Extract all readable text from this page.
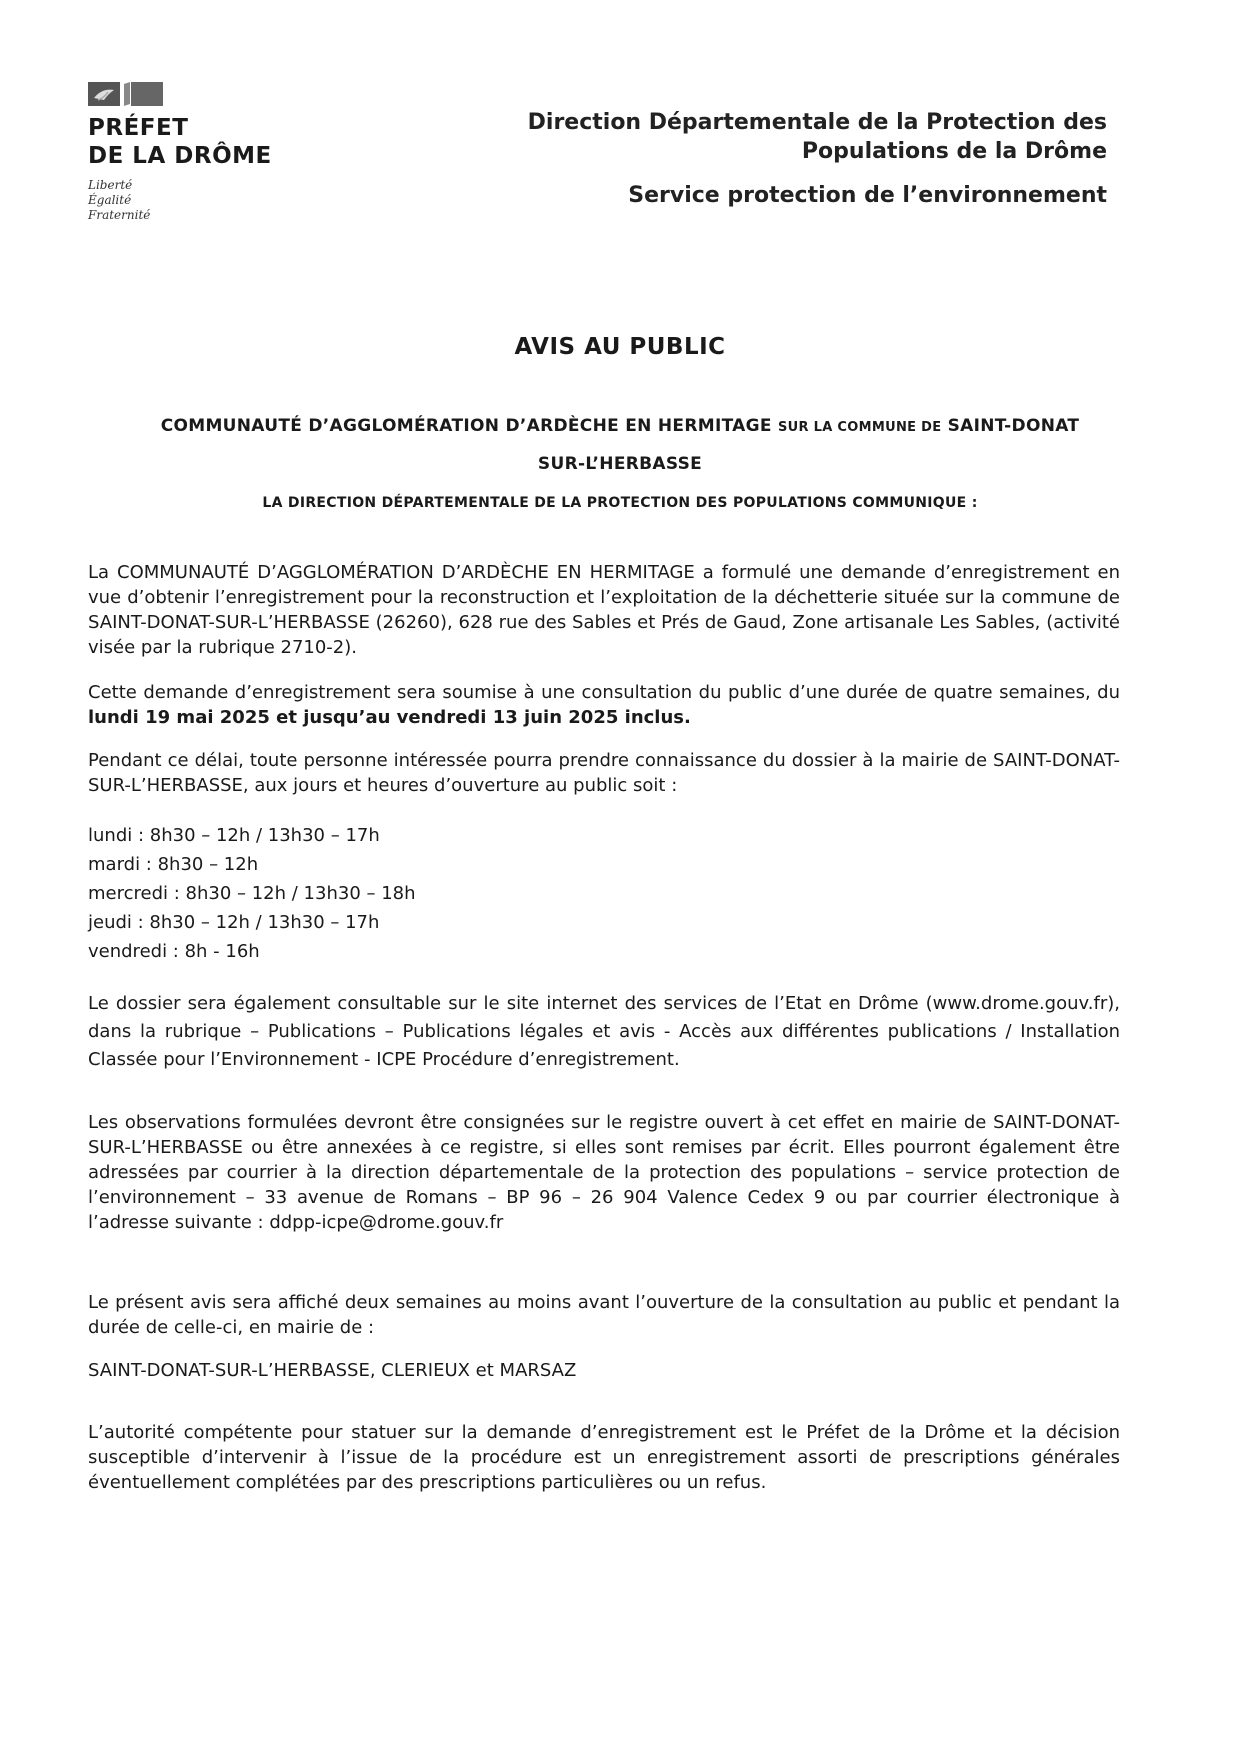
PRÉFET
DE LA DRÔME
Liberté
Égalité
Fraternité
Direction Départementale de la Protection des
Populations de la Drôme
Service protection de l’environnement
AVIS AU PUBLIC
COMMUNAUTÉ D’AGGLOMÉRATION D’ARDÈCHE EN HERMITAGE SUR LA COMMUNE DE SAINT-DONAT
SUR-L’HERBASSE
LA DIRECTION DÉPARTEMENTALE DE LA PROTECTION DES POPULATIONS COMMUNIQUE :
La COMMUNAUTÉ D’AGGLOMÉRATION D’ARDÈCHE EN HERMITAGE a formulé une demande d’enregistrement en vue d’obtenir l’enregistrement pour la reconstruction et l’exploitation de la déchetterie située sur la commune de SAINT-DONAT-SUR-L’HERBASSE (26260), 628 rue des Sables et Prés de Gaud, Zone artisanale Les Sables, (activité visée par la rubrique 2710-2).
Cette demande d’enregistrement sera soumise à une consultation du public d’une durée de quatre semaines, du lundi 19 mai 2025 et jusqu’au vendredi 13 juin 2025 inclus.
Pendant ce délai, toute personne intéressée pourra prendre connaissance du dossier à la mairie de SAINT-DONAT-SUR-L’HERBASSE, aux jours et heures d’ouverture au public soit :
lundi : 8h30 – 12h / 13h30 – 17h
mardi : 8h30 – 12h
mercredi : 8h30 – 12h / 13h30 – 18h
jeudi : 8h30 – 12h / 13h30 – 17h
vendredi : 8h - 16h
Le dossier sera également consultable sur le site internet des services de l’Etat en Drôme (www.drome.gouv.fr), dans la rubrique – Publications – Publications légales et avis - Accès aux différentes publications / Installation Classée pour l’Environnement - ICPE Procédure d’enregistrement.
Les observations formulées devront être consignées sur le registre ouvert à cet effet en mairie de SAINT-DONAT-SUR-L’HERBASSE ou être annexées à ce registre, si elles sont remises par écrit. Elles pourront également être adressées par courrier à la direction départementale de la protection des populations – service protection de l’environnement – 33 avenue de Romans – BP 96 – 26 904 Valence Cedex 9 ou par courrier électronique à l’adresse suivante : ddpp-icpe@drome.gouv.fr
Le présent avis sera affiché deux semaines au moins avant l’ouverture de la consultation au public et pendant la durée de celle-ci, en mairie de :
SAINT-DONAT-SUR-L’HERBASSE, CLERIEUX et MARSAZ
L’autorité compétente pour statuer sur la demande d’enregistrement est le Préfet de la Drôme et la décision susceptible d’intervenir à l’issue de la procédure est un enregistrement assorti de prescriptions générales éventuellement complétées par des prescriptions particulières ou un refus.
